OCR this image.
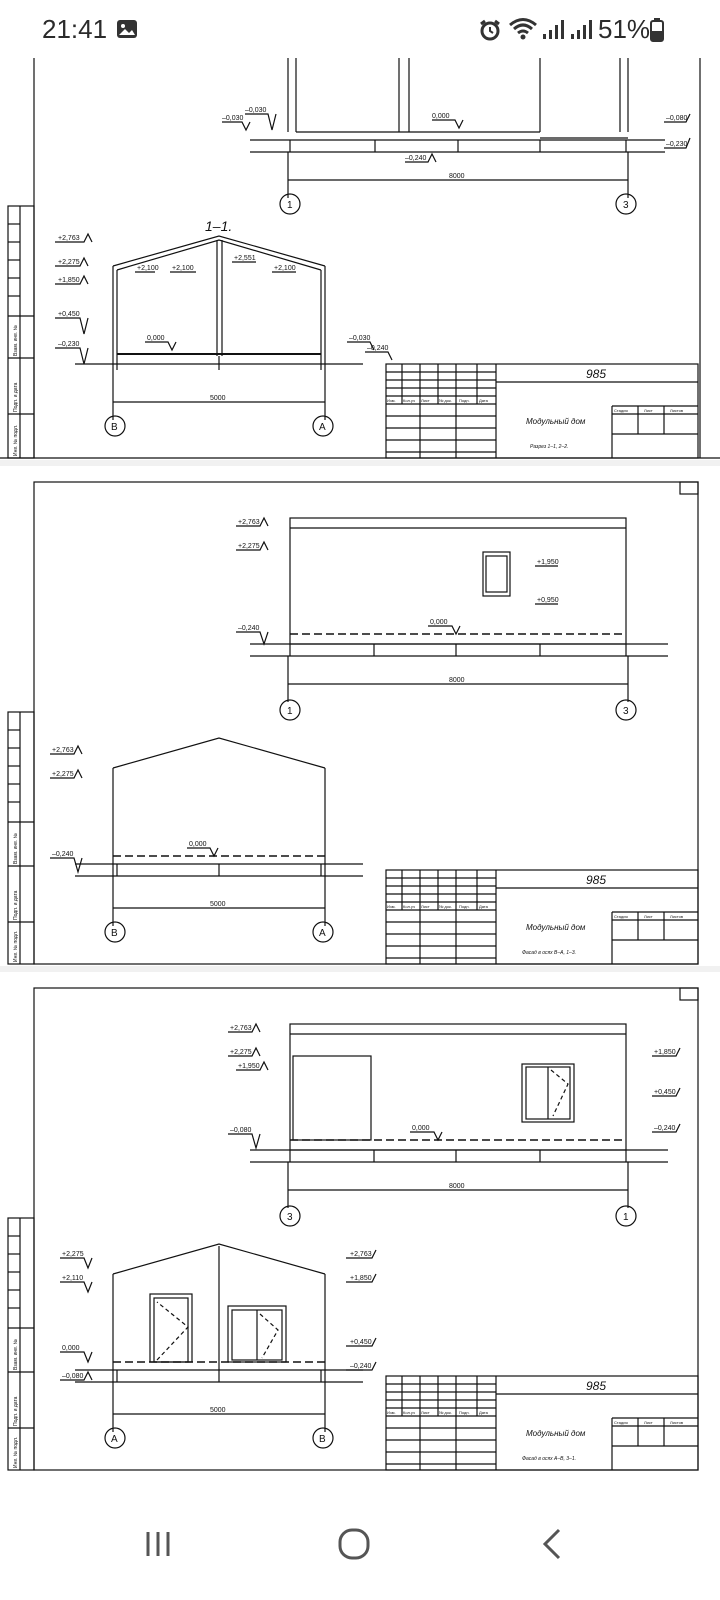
21:41	51%
–0,030
–0,030
0,000
–0,240
–0,080
–0,230
8000
1	3
1–1.
+2,763
+2,275
+1,850
+0,450
–0,230
+2,100 +2,100
+2,551
+2,100
0,000	–0,030
–0,240
5000
В	А
985
Модульный дом
Разрез 1–1, 2–2.
Изм. Кол.уч Лист № док. Подп. Дата
Стадия	Лист	Листов
Взам. инв. №
Подп. и дата
Инв. № подл.
+2,763
+2,275
+1,950
+0,950
–0,240
0,000
8000
1	3
+2,763
+2,275
–0,240
0,000
5000
В	А
985
Модульный дом
Фасад в осях В–А, 1–3.
Изм. Кол.уч Лист № док. Подп. Дата
Стадия	Лист	Листов
Взам. инв. №
Подп. и дата
Инв. № подл.
+2,763
+2,275
+1,950
–0,080	0,000
+1,850
+0,450
–0,240
8000
3	1
+2,275
+2,110
0,000
–0,080
+2,763
+1,850
+0,450
–0,240
5000
А	В
985
Модульный дом
Фасад в осях А–В, 3–1.
Изм. Кол.уч Лист № док. Подп. Дата
Стадия	Лист	Листов
Взам. инв. №
Подп. и дата
Инв. № подл.
